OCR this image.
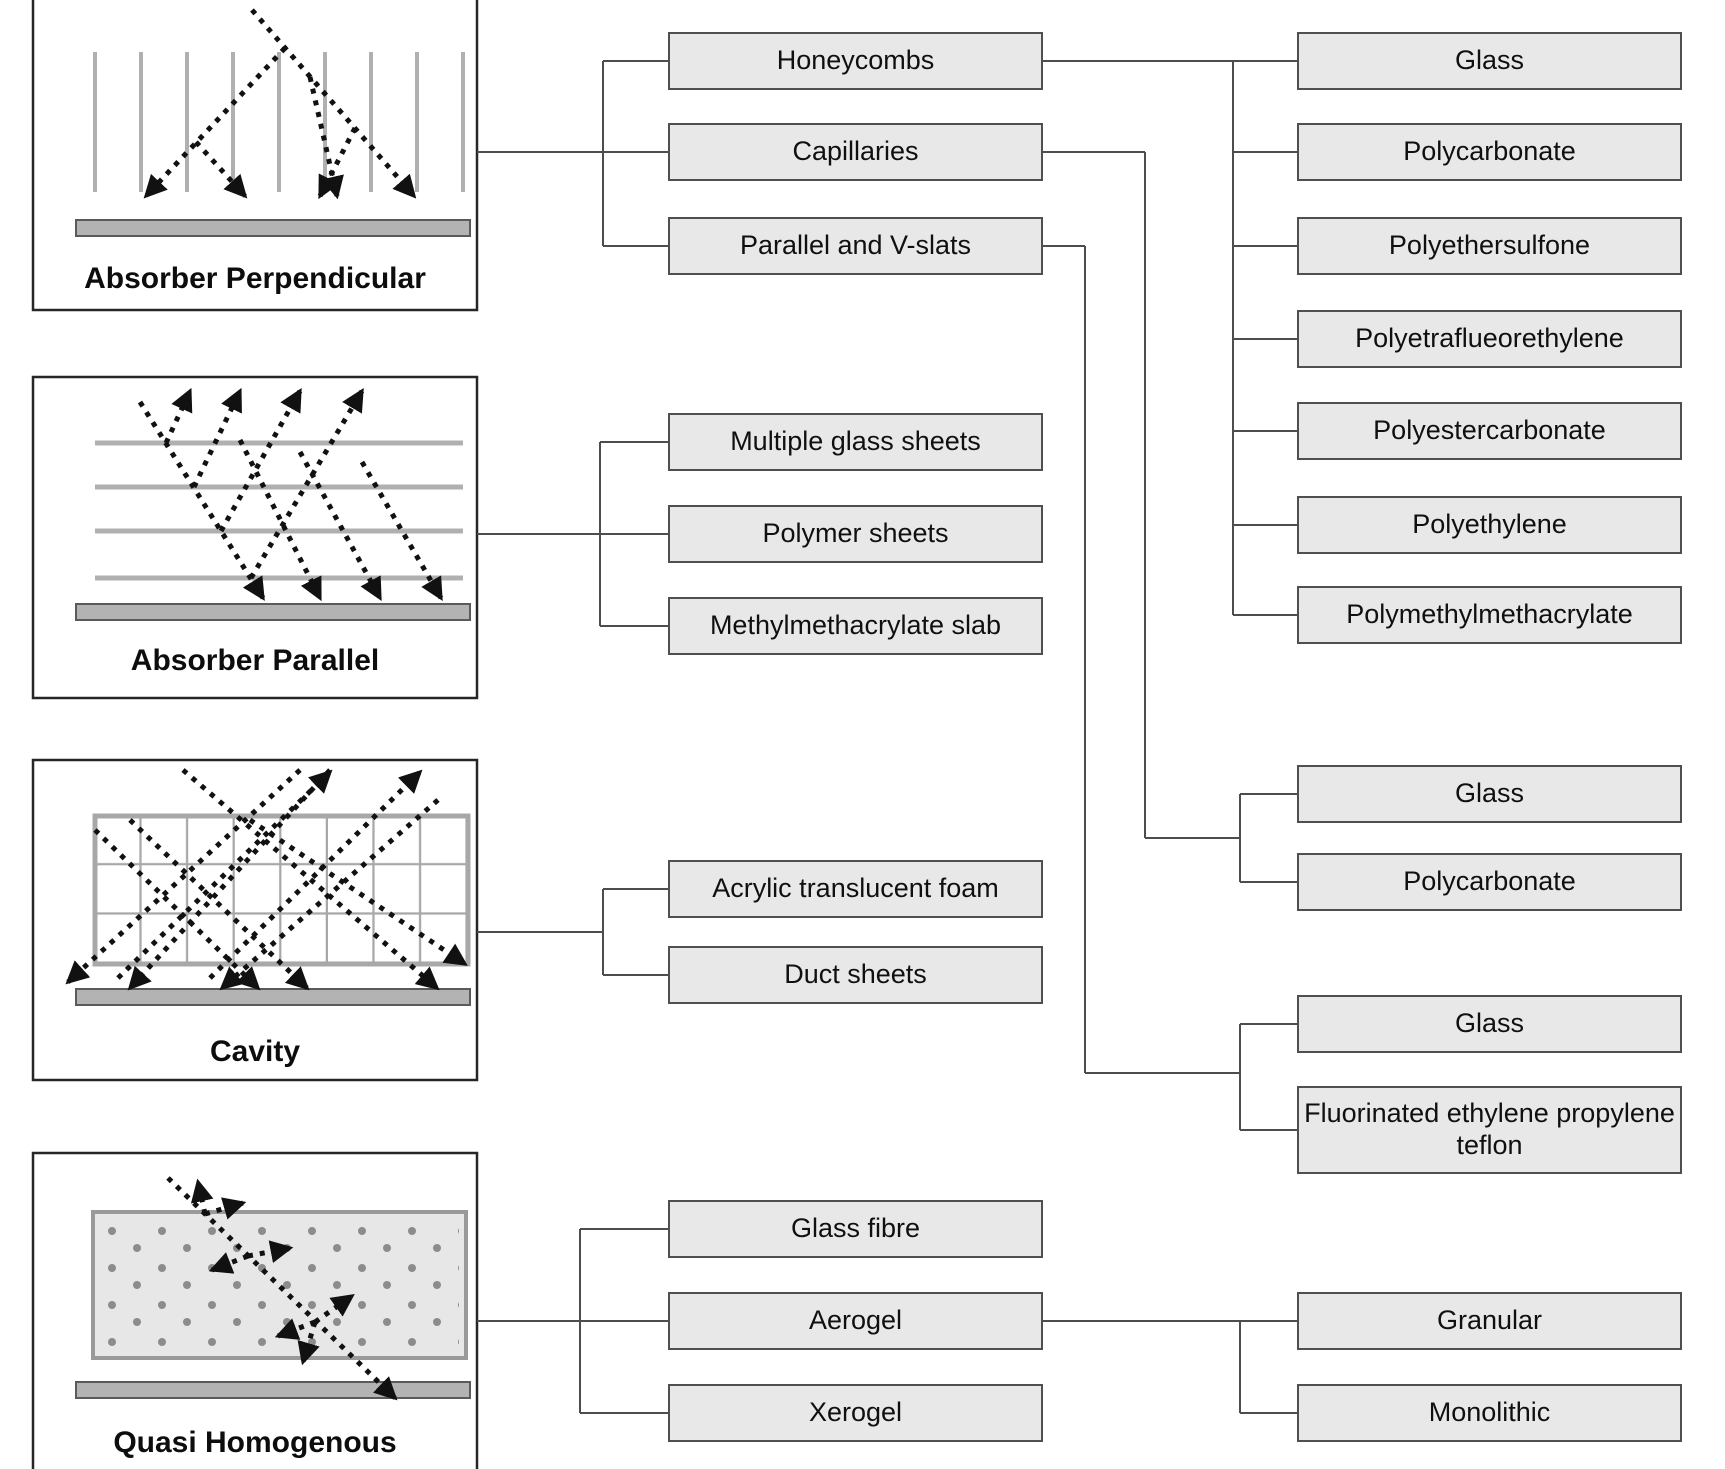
Absorber Perpendicular
Absorber Parallel
Cavity
Quasi Homogenous
Honeycombs
Capillaries
Parallel and V-slats
Multiple glass sheets
Polymer sheets
Methylmethacrylate slab
Acrylic translucent foam
Duct sheets
Glass fibre
Aerogel
Xerogel
Glass
Polycarbonate
Polyethersulfone
Polyetraflueorethylene
Polyestercarbonate
Polyethylene
Polymethylmethacrylate
Glass
Polycarbonate
Glass
Fluorinated ethylene propylene teflon
Granular
Monolithic
